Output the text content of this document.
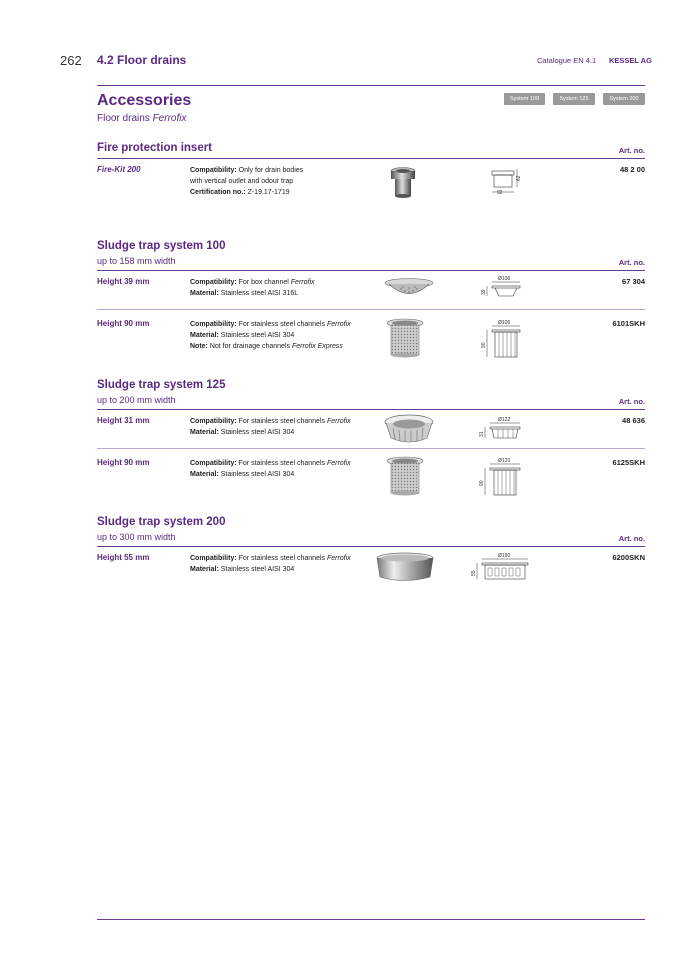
262 4.2 Floor drains	Catalogue EN 4.1 KESSEL AG
Accessories
Floor drains Ferrofix
System 100	System 125	System 200
Fire protection insert	Art. no.
Fire-Kit 200	Compatibility: Only for drain bodies
with vertical outlet and odour trap
Certification no.: Z-19.17-1719	92
62
48 2 00
Sludge trap system 100
up to 158 mm width	Art. no.
Height 39 mm	Compatibility: For box channel Ferrofix
Material: Stainless steel AISI 316L
Ø106
39
67 304
Height 90 mm	Compatibility: For stainless steel channels Ferrofix
Material: Stainless steel AISI 304
Note: Not for drainage channels Ferrofix Express
Ø106
90
6101SKH
Sludge trap system 125
up to 200 mm width	Art. no.
Height 31 mm	Compatibility: For stainless steel channels Ferrofix
Material: Stainless steel AISI 304
Ø122
31
48 636
Height 90 mm	Compatibility: For stainless steel channels Ferrofix
Material: Stainless steel AISI 304
Ø120
90
6125SKH
Sludge trap system 200
up to 300 mm width	Art. no.
Height 55 mm	Compatibility: For stainless steel channels Ferrofix
Material: Stainless steel AISI 304
Ø190
55
6200SKN
